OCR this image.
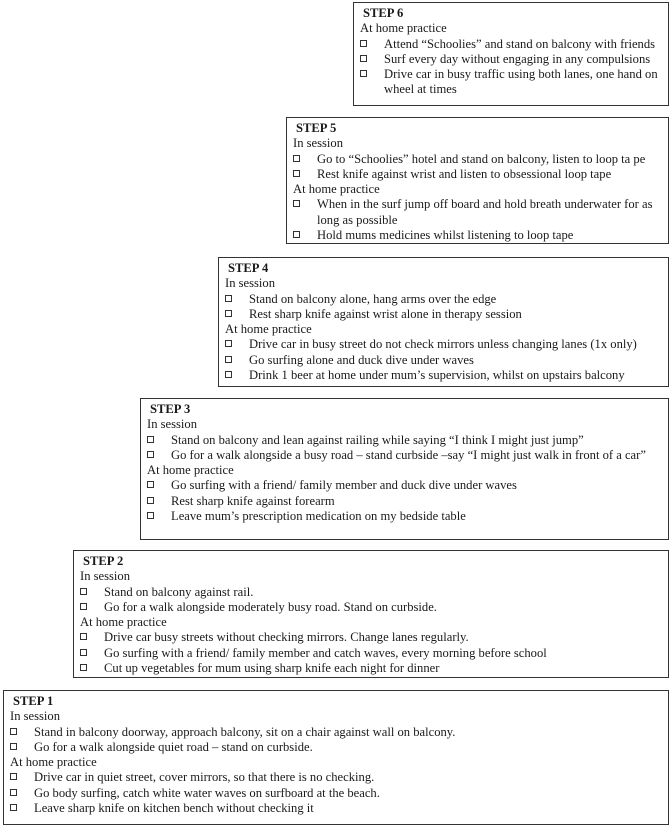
STEP 6
At home practice
Attend “Schoolies” and stand on balcony with friends
Surf every day without engaging in any compulsions
Drive car in busy traffic using both lanes, one hand on wheel at times
STEP 5
In session
Go to “Schoolies” hotel and stand on balcony, listen to loop ta pe
Rest knife against wrist and listen to obsessional loop tape
At home practice
When in the surf jump off board and hold breath underwater for as long as possible
Hold mums medicines whilst listening to loop tape
STEP 4
In session
Stand on balcony alone, hang arms over the edge
Rest sharp knife against wrist alone in therapy session
At home practice
Drive car in busy street do not check mirrors unless changing lanes (1x only)
Go surfing alone and duck dive under waves
Drink 1 beer at home under mum’s supervision, whilst on upstairs balcony
STEP 3
In session
Stand on balcony and lean against railing while saying “I think I might just jump”
Go for a walk alongside a busy road – stand curbside –say “I might just walk in front of a car”
At home practice
Go surfing with a friend/ family member and duck dive under waves
Rest sharp knife against forearm
Leave mum’s prescription medication on my bedside table
STEP 2
In session
Stand on balcony against rail.
Go for a walk alongside moderately busy road. Stand on curbside.
At home practice
Drive car busy streets without checking mirrors. Change lanes regularly.
Go surfing with a friend/ family member and catch waves, every morning before school
Cut up vegetables for mum using sharp knife each night for dinner
STEP 1
In session
Stand in balcony doorway, approach balcony, sit on a chair against wall on balcony.
Go for a walk alongside quiet road – stand on curbside.
At home practice
Drive car in quiet street, cover mirrors, so that there is no checking.
Go body surfing, catch white water waves on surfboard at the beach.
Leave sharp knife on kitchen bench without checking it
